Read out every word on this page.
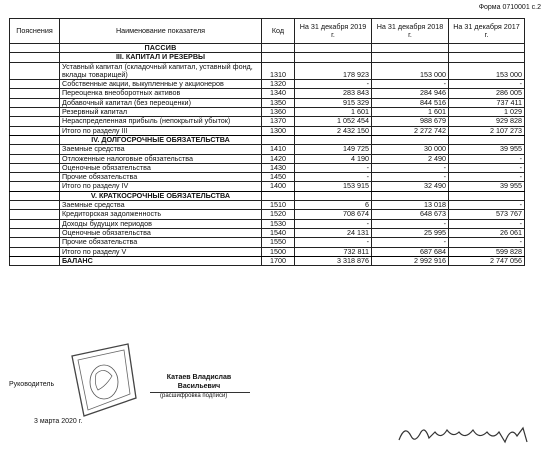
Форма 0710001 с.2
Пояснения	Наименование показателя	Код	На 31 декабря 2019 г.	На 31 декабря 2018 г.	На 31 декабря 2017 г.
	ПАССИВ				
	III. КАПИТАЛ И РЕЗЕРВЫ				
	Уставный капитал (складочный капитал, уставный фонд, вклады товарищей)	1310	178 923	153 000	153 000
	Собственные акции, выкупленные у акционеров	1320	-	-	-
	Переоценка внеоборотных активов	1340	283 843	284 946	286 005
	Добавочный капитал (без переоценки)	1350	915 329	844 516	737 411
	Резервный капитал	1360	1 601	1 601	1 029
	Нераспределенная прибыль (непокрытый убыток)	1370	1 052 454	988 679	929 828
	Итого по разделу III	1300	2 432 150	2 272 742	2 107 273
	IV. ДОЛГОСРОЧНЫЕ ОБЯЗАТЕЛЬСТВА				
	Заемные средства	1410	149 725	30 000	39 955
	Отложенные налоговые обязательства	1420	4 190	2 490	-
	Оценочные обязательства	1430	-	-	-
	Прочие обязательства	1450	-	-	-
	Итого по разделу IV	1400	153 915	32 490	39 955
	V. КРАТКОСРОЧНЫЕ ОБЯЗАТЕЛЬСТВА				
	Заемные средства	1510	6	13 018	-
	Кредиторская задолженность	1520	708 674	648 673	573 767
	Доходы будущих периодов	1530	-	-	-
	Оценочные обязательства	1540	24 131	25 995	26 061
	Прочие обязательства	1550	-	-	-
	Итого по разделу V	1500	732 811	687 684	599 828
	БАЛАНС	1700	3 318 876	2 992 916	2 747 056
Руководитель
Катаев Владислав Васильевич
(расшифровка подписи)
3 марта 2020 г.
